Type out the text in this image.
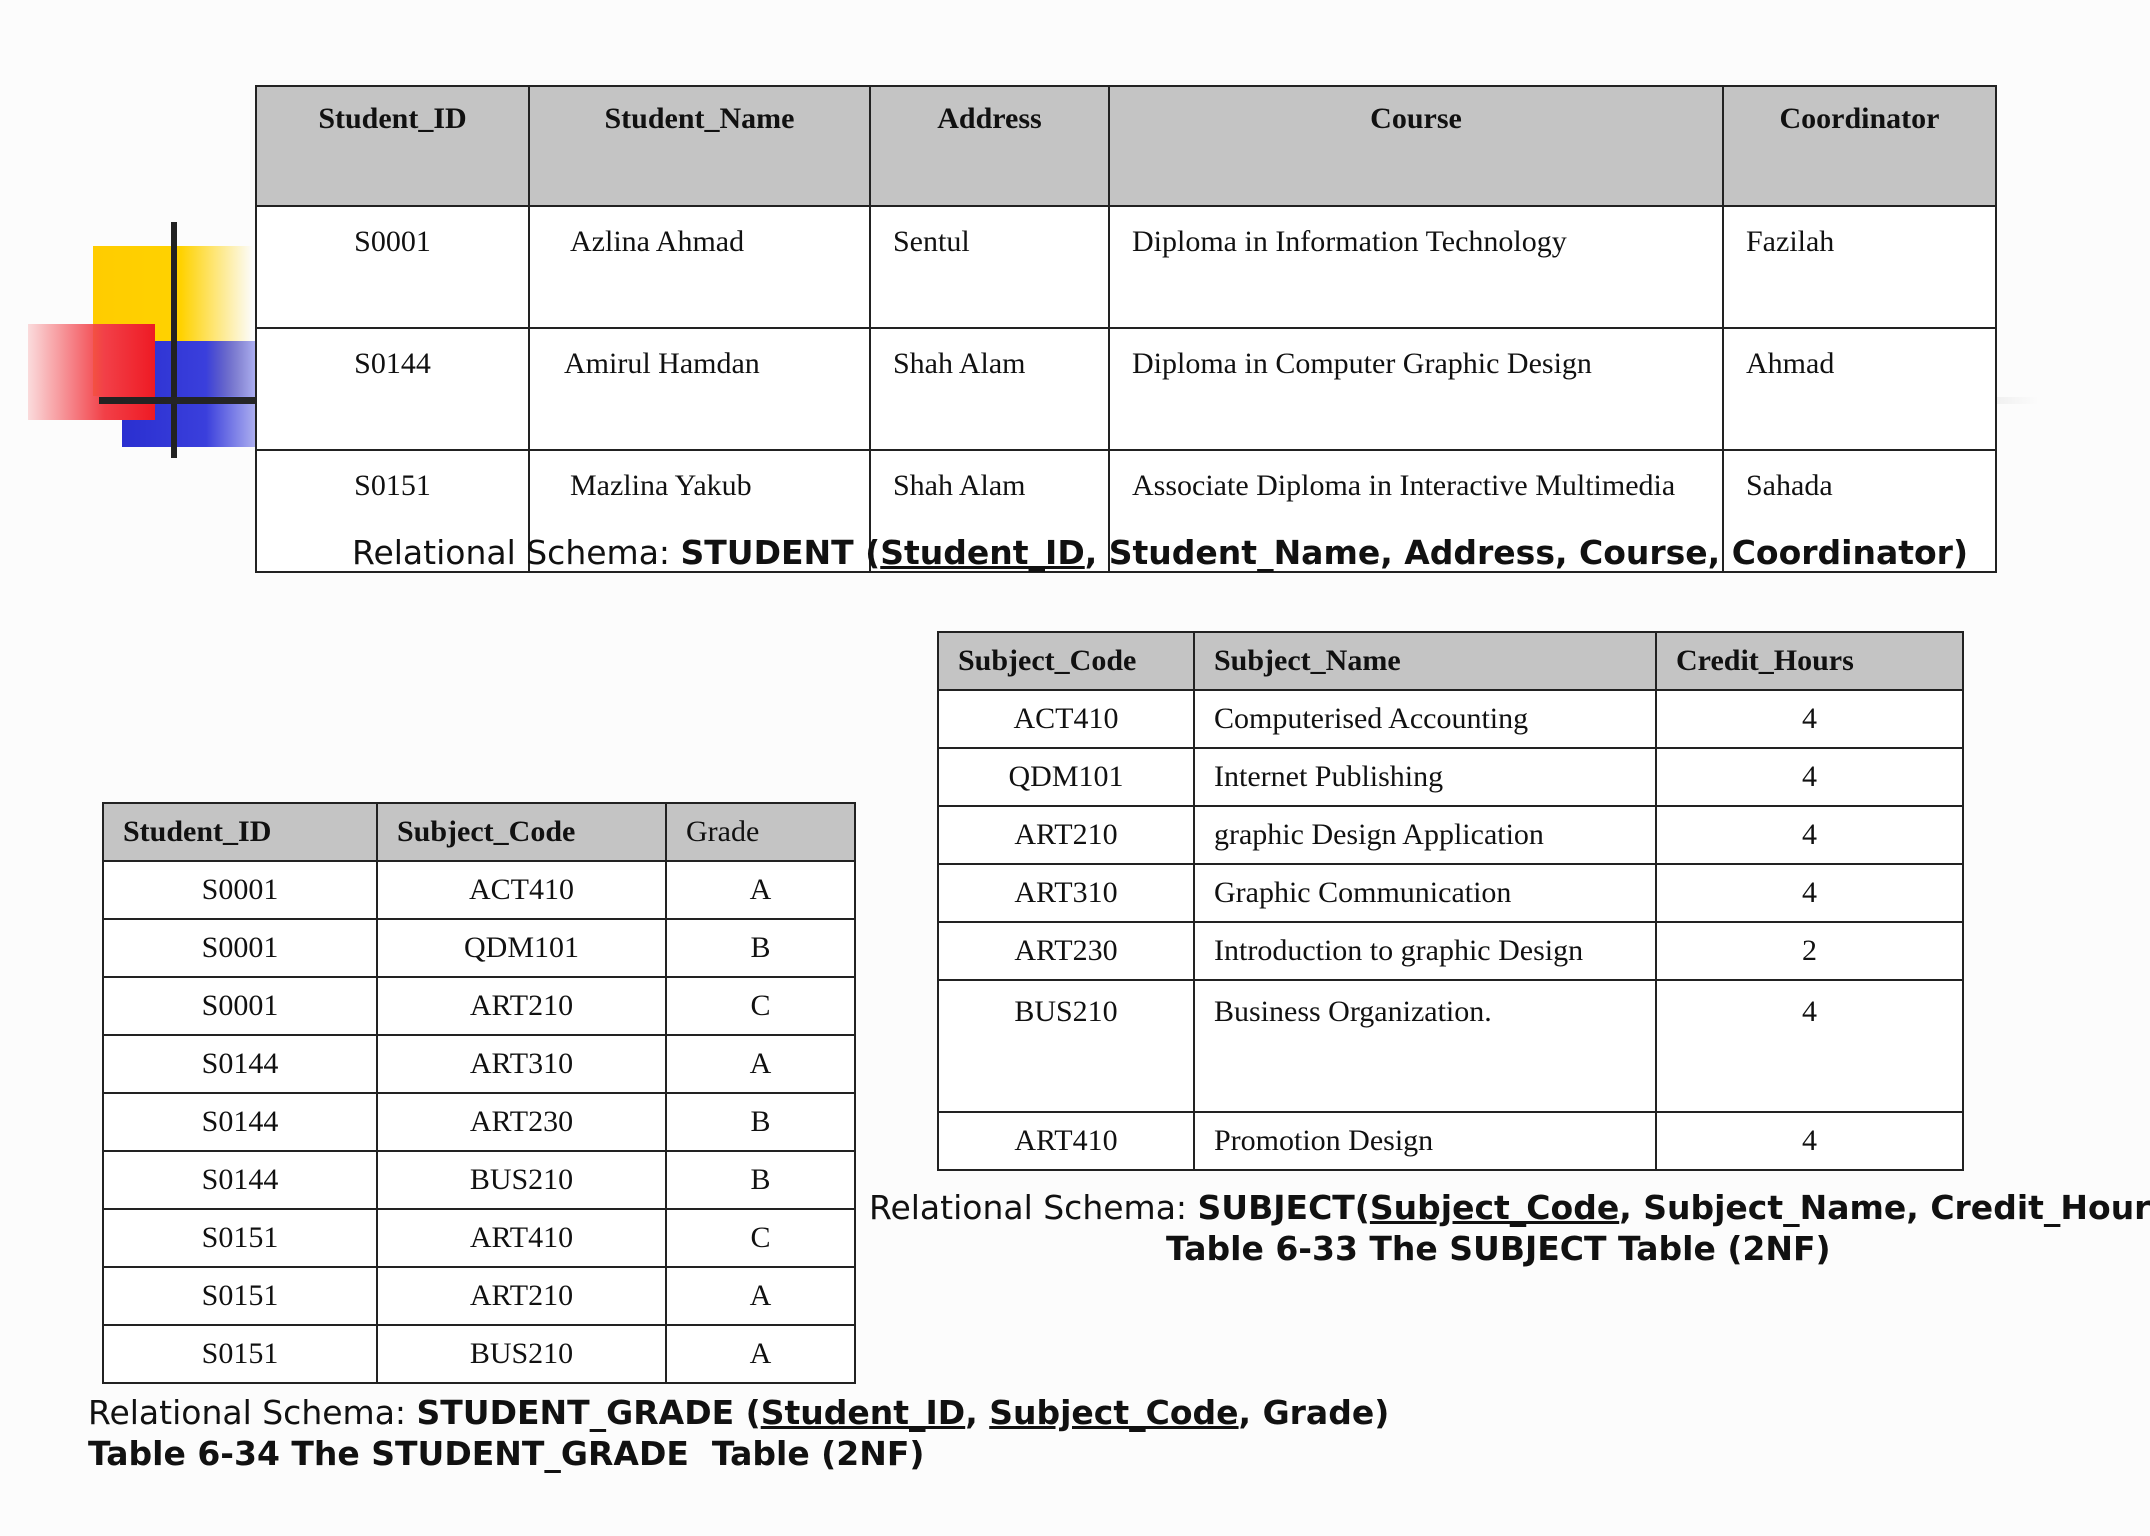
Student_ID	Student_Name	Address	Course	Coordinator
S0001	Azlina Ahmad	Sentul	Diploma in Information Technology	Fazilah
S0144	Amirul Hamdan	Shah Alam	Diploma in Computer Graphic Design	Ahmad
S0151	Mazlina Yakub	Shah Alam	Associate Diploma in Interactive Multimedia	Sahada
Relational Schema: STUDENT (Student_ID, Student_Name, Address, Course, Coordinator)
Subject_Code	Subject_Name	Credit_Hours
ACT410	Computerised Accounting	4
QDM101	Internet Publishing	4
ART210	graphic Design Application	4
ART310	Graphic Communication	4
ART230	Introduction to graphic Design	2
BUS210	Business Organization.	4
ART410	Promotion Design	4
Relational Schema: SUBJECT(Subject_Code, Subject_Name, Credit_Hour
Table 6-33 The SUBJECT Table (2NF)
Student_ID	Subject_Code	Grade
S0001	ACT410	A
S0001	QDM101	B
S0001	ART210	C
S0144	ART310	A
S0144	ART230	B
S0144	BUS210	B
S0151	ART410	C
S0151	ART210	A
S0151	BUS210	A
Relational Schema: STUDENT_GRADE (Student_ID, Subject_Code, Grade)
Table 6-34 The STUDENT_GRADE  Table (2NF)
